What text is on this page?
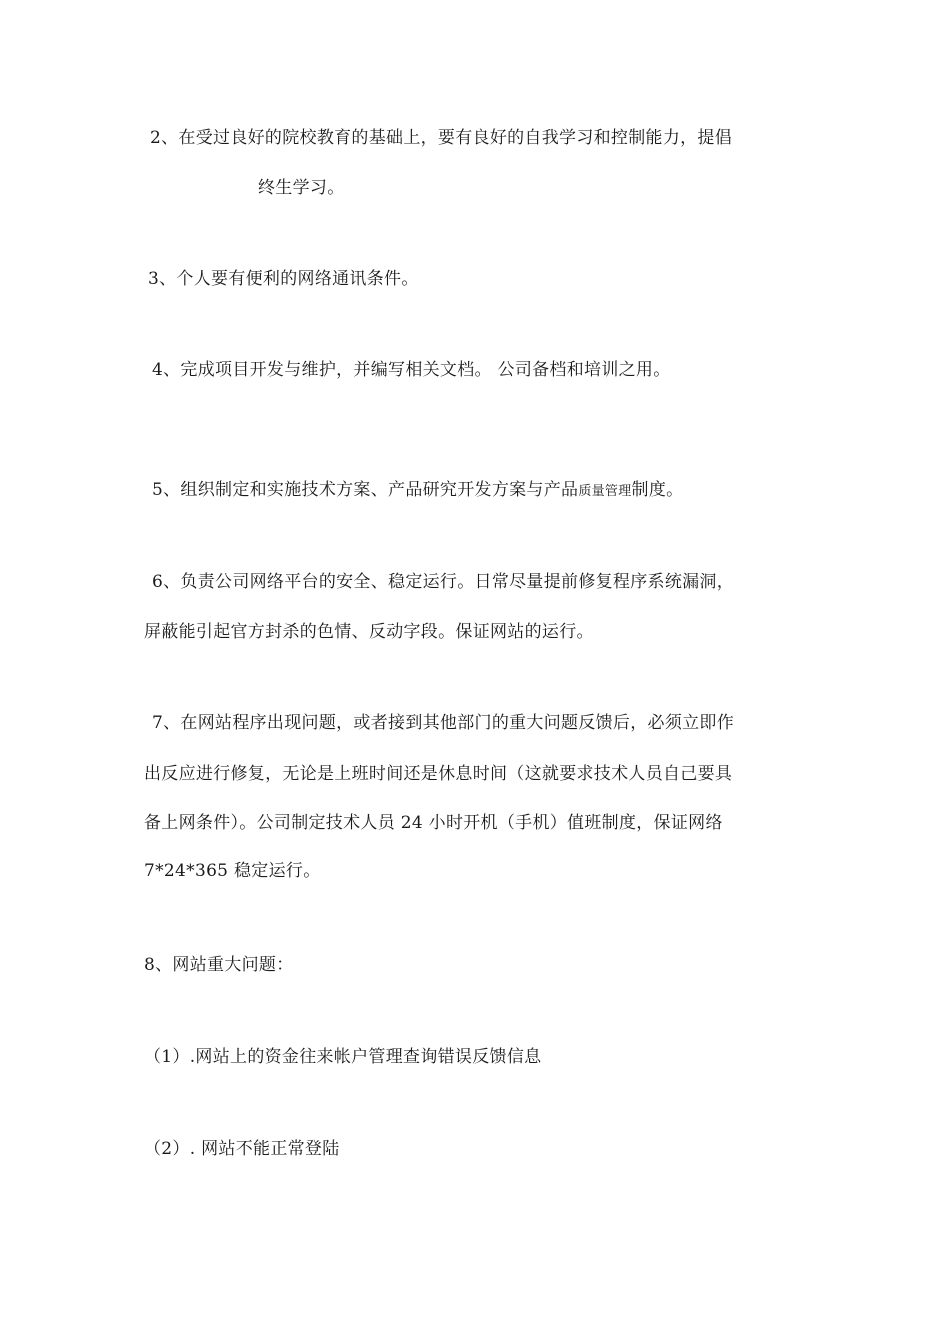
2、在受过良好的院校教育的基础上，要有良好的自我学习和控制能力，提倡
终生学习。
3、个人要有便利的网络通讯条件。
4、完成项目开发与维护，并编写相关文档。 公司备档和培训之用。
5、组织制定和实施技术方案、产品研究开发方案与产品质量管理制度。
6、负责公司网络平台的安全、稳定运行。日常尽量提前修复程序系统漏洞，
屏蔽能引起官方封杀的色情、反动字段。保证网站的运行。
7、在网站程序出现问题，或者接到其他部门的重大问题反馈后，必须立即作
出反应进行修复，无论是上班时间还是休息时间（这就要求技术人员自己要具
备上网条件）。公司制定技术人员 24 小时开机（手机）值班制度，保证网络
7*24*365 稳定运行。
8、网站重大问题：
（1）.网站上的资金往来帐户管理查询错误反馈信息
（2）. 网站不能正常登陆
